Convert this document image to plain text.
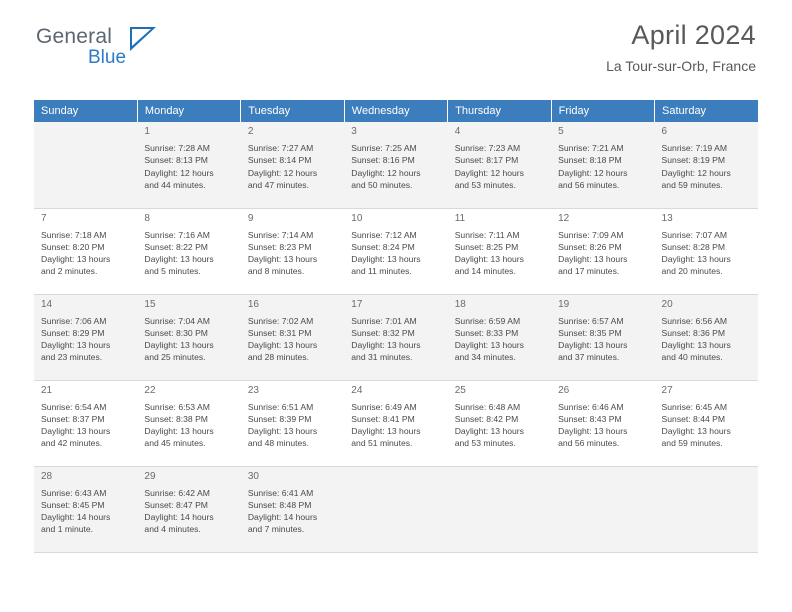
General
Blue
April 2024
La Tour-sur-Orb, France
Sunday	Monday	Tuesday	Wednesday	Thursday	Friday	Saturday

	1
Sunrise: 7:28 AM
Sunset: 8:13 PM
Daylight: 12 hours
and 44 minutes.	2
Sunrise: 7:27 AM
Sunset: 8:14 PM
Daylight: 12 hours
and 47 minutes.	3
Sunrise: 7:25 AM
Sunset: 8:16 PM
Daylight: 12 hours
and 50 minutes.	4
Sunrise: 7:23 AM
Sunset: 8:17 PM
Daylight: 12 hours
and 53 minutes.	5
Sunrise: 7:21 AM
Sunset: 8:18 PM
Daylight: 12 hours
and 56 minutes.	6
Sunrise: 7:19 AM
Sunset: 8:19 PM
Daylight: 12 hours
and 59 minutes.

7
Sunrise: 7:18 AM
Sunset: 8:20 PM
Daylight: 13 hours
and 2 minutes.	8
Sunrise: 7:16 AM
Sunset: 8:22 PM
Daylight: 13 hours
and 5 minutes.	9
Sunrise: 7:14 AM
Sunset: 8:23 PM
Daylight: 13 hours
and 8 minutes.	10
Sunrise: 7:12 AM
Sunset: 8:24 PM
Daylight: 13 hours
and 11 minutes.	11
Sunrise: 7:11 AM
Sunset: 8:25 PM
Daylight: 13 hours
and 14 minutes.	12
Sunrise: 7:09 AM
Sunset: 8:26 PM
Daylight: 13 hours
and 17 minutes.	13
Sunrise: 7:07 AM
Sunset: 8:28 PM
Daylight: 13 hours
and 20 minutes.

14
Sunrise: 7:06 AM
Sunset: 8:29 PM
Daylight: 13 hours
and 23 minutes.	15
Sunrise: 7:04 AM
Sunset: 8:30 PM
Daylight: 13 hours
and 25 minutes.	16
Sunrise: 7:02 AM
Sunset: 8:31 PM
Daylight: 13 hours
and 28 minutes.	17
Sunrise: 7:01 AM
Sunset: 8:32 PM
Daylight: 13 hours
and 31 minutes.	18
Sunrise: 6:59 AM
Sunset: 8:33 PM
Daylight: 13 hours
and 34 minutes.	19
Sunrise: 6:57 AM
Sunset: 8:35 PM
Daylight: 13 hours
and 37 minutes.	20
Sunrise: 6:56 AM
Sunset: 8:36 PM
Daylight: 13 hours
and 40 minutes.

21
Sunrise: 6:54 AM
Sunset: 8:37 PM
Daylight: 13 hours
and 42 minutes.	22
Sunrise: 6:53 AM
Sunset: 8:38 PM
Daylight: 13 hours
and 45 minutes.	23
Sunrise: 6:51 AM
Sunset: 8:39 PM
Daylight: 13 hours
and 48 minutes.	24
Sunrise: 6:49 AM
Sunset: 8:41 PM
Daylight: 13 hours
and 51 minutes.	25
Sunrise: 6:48 AM
Sunset: 8:42 PM
Daylight: 13 hours
and 53 minutes.	26
Sunrise: 6:46 AM
Sunset: 8:43 PM
Daylight: 13 hours
and 56 minutes.	27
Sunrise: 6:45 AM
Sunset: 8:44 PM
Daylight: 13 hours
and 59 minutes.

28
Sunrise: 6:43 AM
Sunset: 8:45 PM
Daylight: 14 hours
and 1 minute.	29
Sunrise: 6:42 AM
Sunset: 8:47 PM
Daylight: 14 hours
and 4 minutes.	30
Sunrise: 6:41 AM
Sunset: 8:48 PM
Daylight: 14 hours
and 7 minutes.				
